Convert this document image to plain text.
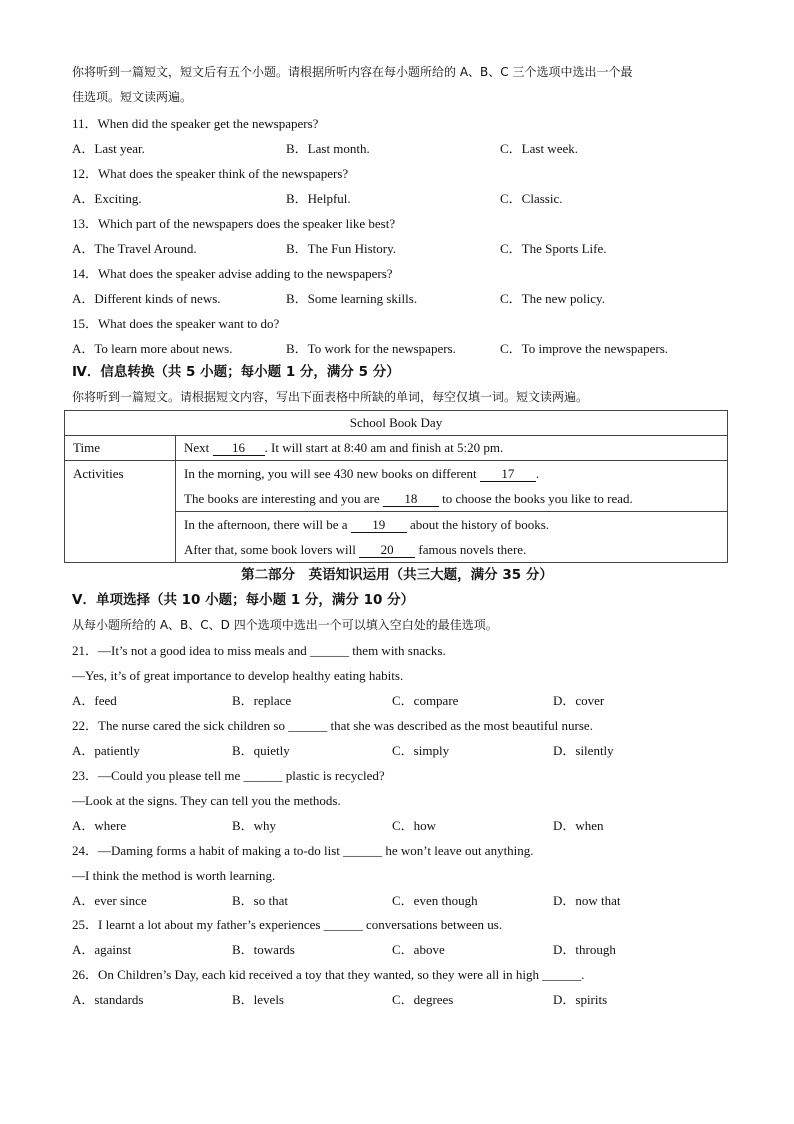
你将听到一篇短文，短文后有五个小题。请根据所听内容在每小题所给的 A、B、C 三个选项中选出一个最
佳选项。短文读两遍。
11．When did the speaker get the newspapers?
A．Last year.	B．Last month.	C．Last week.
12．What does the speaker think of the newspapers?
A．Exciting.	B．Helpful.	C．Classic.
13．Which part of the newspapers does the speaker like best?
A．The Travel Around.	B．The Fun History.	C．The Sports Life.
14．What does the speaker advise adding to the newspapers?
A．Different kinds of news.	B．Some learning skills.	C．The new policy.
15．What does the speaker want to do?
A．To learn more about news.	B．To work for the newspapers.	C．To improve the newspapers.
Ⅳ．信息转换（共 5 小题；每小题 1 分，满分 5 分）
你将听到一篇短文。请根据短文内容，写出下面表格中所缺的单词，每空仅填一词。短文读两遍。
School Book Day	
Time	Next 16 . It will start at 8:40 am and finish at 5:20 pm.
Activities	In the morning, you will see 430 new books on different 17 .
The books are interesting and you are 18 to choose the books you like to read.

	In the afternoon, there will be a 19 about the history of books.
After that, some book lovers will 20 famous novels there.
第二部分　英语知识运用（共三大题，满分 35 分）
Ⅴ．单项选择（共 10 小题；每小题 1 分，满分 10 分）
从每小题所给的 A、B、C、D 四个选项中选出一个可以填入空白处的最佳选项。
21．—It’s not a good idea to miss meals and ______ them with snacks.
—Yes, it’s of great importance to develop healthy eating habits.
A．feed	B．replace	C．compare	D．cover
22．The nurse cared the sick children so ______ that she was described as the most beautiful nurse.
A．patiently	B．quietly	C．simply	D．silently
23．—Could you please tell me ______ plastic is recycled?
—Look at the signs. They can tell you the methods.
A．where	B．why	C．how	D．when
24．—Daming forms a habit of making a to-do list ______ he won’t leave out anything.
—I think the method is worth learning.
A．ever since	B．so that	C．even though	D．now that
25．I learnt a lot about my father’s experiences ______ conversations between us.
A．against	B．towards	C．above	D．through
26．On Children’s Day, each kid received a toy that they wanted, so they were all in high ______.
A．standards	B．levels	C．degrees	D．spirits
